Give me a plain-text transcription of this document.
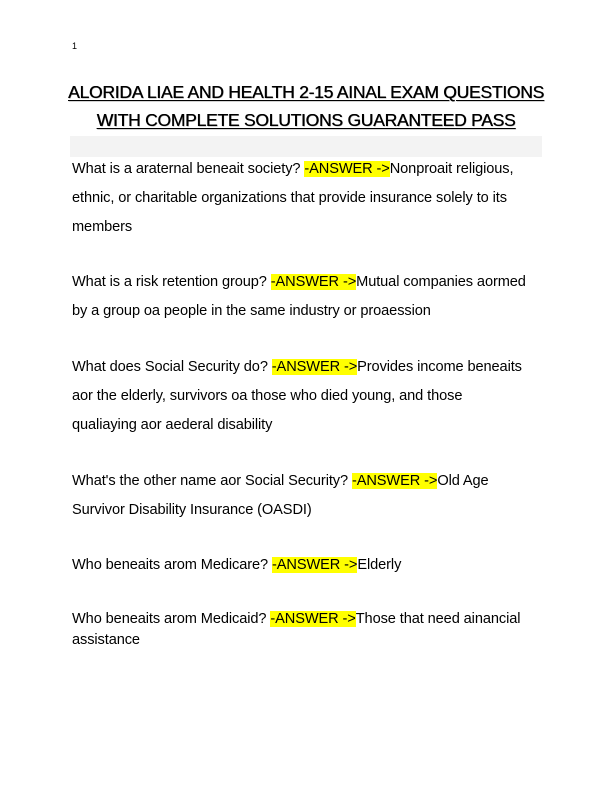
1
ALORIDA LIAE AND HEALTH 2-15 AINAL EXAM QUESTIONS
WITH COMPLETE SOLUTIONS GUARANTEED PASS
What is a araternal beneait society? -ANSWER ->Nonproait religious,
ethnic, or charitable organizations that provide insurance solely to its
members
What is a risk retention group? -ANSWER ->Mutual companies aormed
by a group oa people in the same industry or proaession
What does Social Security do? -ANSWER ->Provides income beneaits
aor the elderly, survivors oa those who died young, and those
qualiaying aor aederal disability
What's the other name aor Social Security? -ANSWER ->Old Age
Survivor Disability Insurance (OASDI)
Who beneaits arom Medicare? -ANSWER ->Elderly
Who beneaits arom Medicaid? -ANSWER ->Those that need ainancial
assistance
